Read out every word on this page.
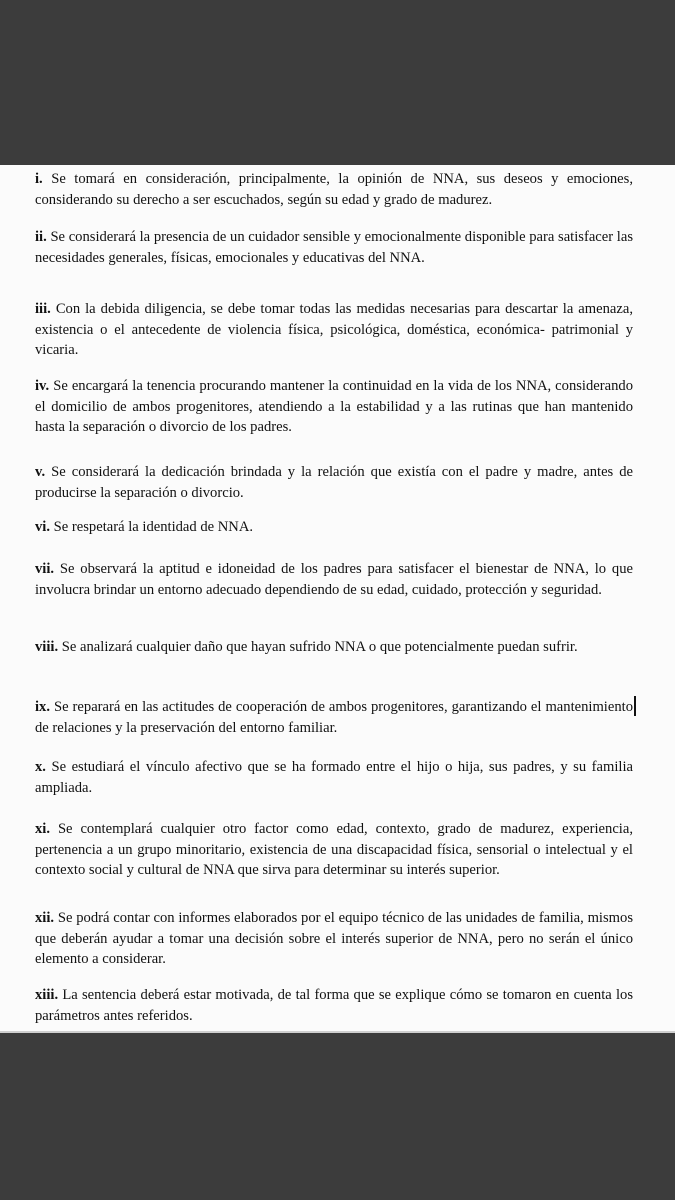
i. Se tomará en consideración, principalmente, la opinión de NNA, sus deseos y emociones, considerando su derecho a ser escuchados, según su edad y grado de madurez.

ii. Se considerará la presencia de un cuidador sensible y emocionalmente disponible para satisfacer las necesidades generales, físicas, emocionales y educativas del NNA.

iii. Con la debida diligencia, se debe tomar todas las medidas necesarias para descartar la amenaza, existencia o el antecedente de violencia física, psicológica, doméstica, económica- patrimonial y vicaria.

iv. Se encargará la tenencia procurando mantener la continuidad en la vida de los NNA, considerando el domicilio de ambos progenitores, atendiendo a la estabilidad y a las rutinas que han mantenido hasta la separación o divorcio de los padres.

v. Se considerará la dedicación brindada y la relación que existía con el padre y madre, antes de producirse la separación o divorcio.

vi. Se respetará la identidad de NNA.

vii. Se observará la aptitud e idoneidad de los padres para satisfacer el bienestar de NNA, lo que involucra brindar un entorno adecuado dependiendo de su edad, cuidado, protección y seguridad.

viii. Se analizará cualquier daño que hayan sufrido NNA o que potencialmente puedan sufrir.

ix. Se reparará en las actitudes de cooperación de ambos progenitores, garantizando el mantenimiento de relaciones y la preservación del entorno familiar.

x. Se estudiará el vínculo afectivo que se ha formado entre el hijo o hija, sus padres, y su familia ampliada.

xi. Se contemplará cualquier otro factor como edad, contexto, grado de madurez, experiencia, pertenencia a un grupo minoritario, existencia de una discapacidad física, sensorial o intelectual y el contexto social y cultural de NNA que sirva para determinar su interés superior.

xii. Se podrá contar con informes elaborados por el equipo técnico de las unidades de familia, mismos que deberán ayudar a tomar una decisión sobre el interés superior de NNA, pero no serán el único elemento a considerar.

xiii. La sentencia deberá estar motivada, de tal forma que se explique cómo se tomaron en cuenta los parámetros antes referidos.
